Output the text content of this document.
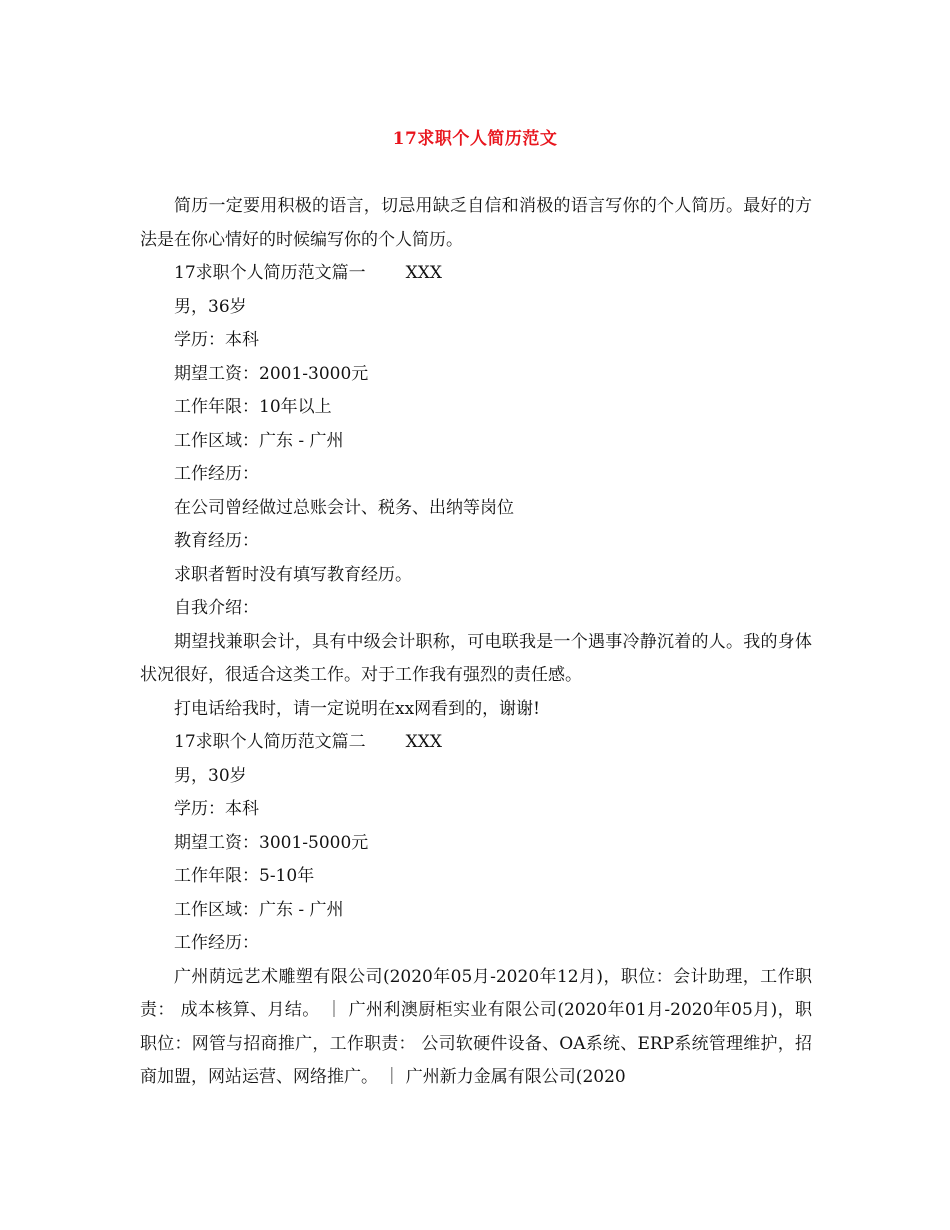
17求职个人简历范文

简历一定要用积极的语言，切忌用缺乏自信和消极的语言写你的个人简历。最好的方法是在你心情好的时候编写你的个人简历。

17求职个人简历范文篇一 XXX

男，36岁

学历：本科

期望工资：2001-3000元

工作年限：10年以上

工作区域：广东 - 广州

工作经历：

在公司曾经做过总账会计、税务、出纳等岗位

教育经历：

求职者暂时没有填写教育经历。

自我介绍：

期望找兼职会计，具有中级会计职称，可电联我是一个遇事冷静沉着的人。我的身体状况很好，很适合这类工作。对于工作我有强烈的责任感。

打电话给我时，请一定说明在xx网看到的，谢谢!

17求职个人简历范文篇二 XXX

男，30岁

学历：本科

期望工资：3001-5000元

工作年限：5-10年

工作区域：广东 - 广州

工作经历：

广州荫远艺术雕塑有限公司(2020年05月-2020年12月)，职位：会计助理，工作职责： 成本核算、月结。 ｜ 广州利澳厨柜实业有限公司(2020年01月-2020年05月)，职职位：网管与招商推广，工作职责： 公司软硬件设备、OA系统、ERP系统管理维护，招商加盟，网站运营、网络推广。 ｜ 广州新力金属有限公司(2020
